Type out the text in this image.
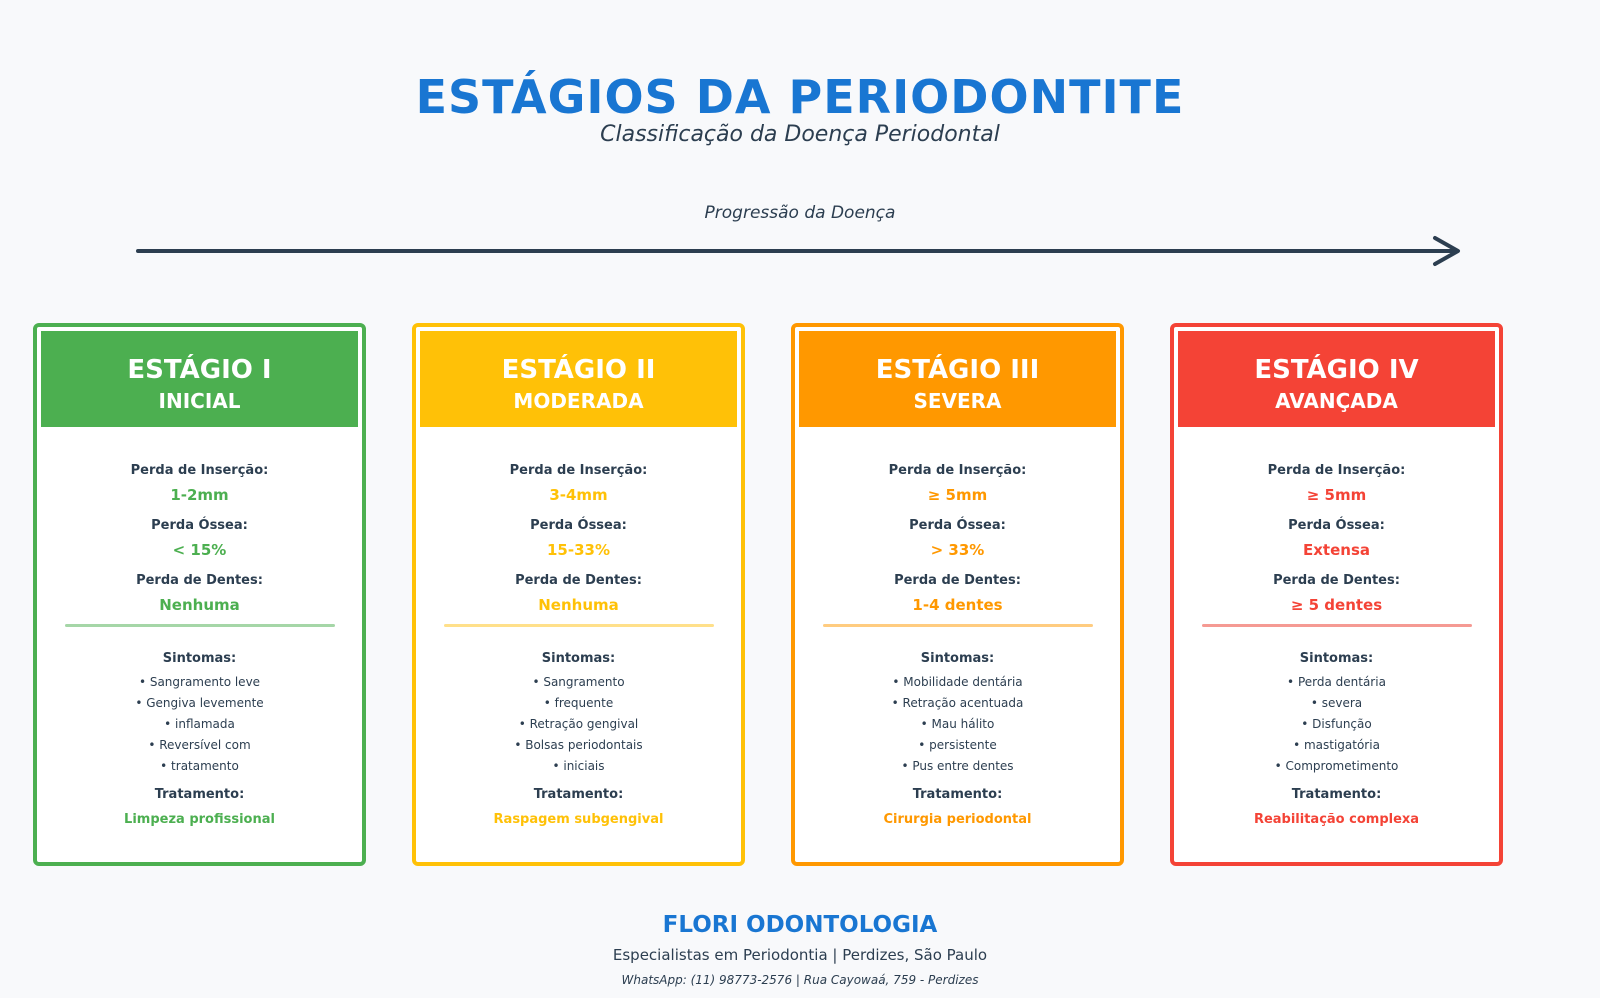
ESTÁGIOS DA PERIODONTITE
Classificação da Doença Periodontal
Progressão da Doença
ESTÁGIO I
INICIAL
Perda de Inserção:
1-2mm
Perda Óssea:
< 15%
Perda de Dentes:
Nenhuma
Sintomas:
• Sangramento leve
• Gengiva levemente
• inflamada
• Reversível com
• tratamento
Tratamento:
Limpeza profissional
ESTÁGIO II
MODERADA
Perda de Inserção:
3-4mm
Perda Óssea:
15-33%
Perda de Dentes:
Nenhuma
Sintomas:
• Sangramento
• frequente
• Retração gengival
• Bolsas periodontais
• iniciais
Tratamento:
Raspagem subgengival
ESTÁGIO III
SEVERA
Perda de Inserção:
≥ 5mm
Perda Óssea:
> 33%
Perda de Dentes:
1-4 dentes
Sintomas:
• Mobilidade dentária
• Retração acentuada
• Mau hálito
• persistente
• Pus entre dentes
Tratamento:
Cirurgia periodontal
ESTÁGIO IV
AVANÇADA
Perda de Inserção:
≥ 5mm
Perda Óssea:
Extensa
Perda de Dentes:
≥ 5 dentes
Sintomas:
• Perda dentária
• severa
• Disfunção
• mastigatória
• Comprometimento
Tratamento:
Reabilitação complexa
FLORI ODONTOLOGIA
Especialistas em Periodontia | Perdizes, São Paulo
WhatsApp: (11) 98773-2576 | Rua Cayowaá, 759 - Perdizes
